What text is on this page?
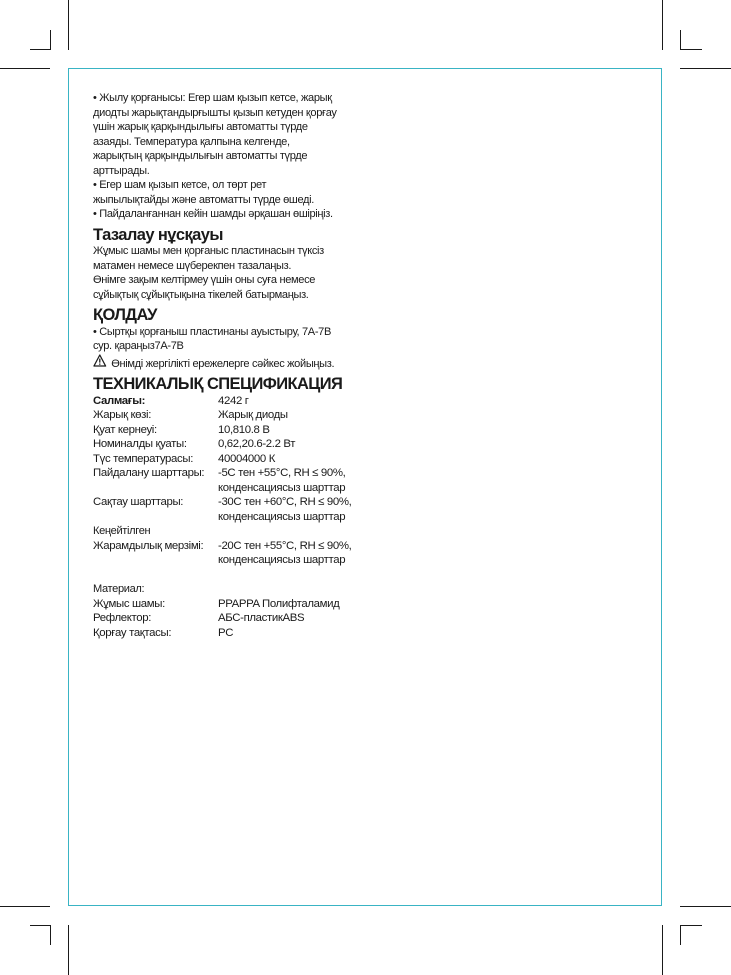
• Жылу қорғанысы: Егер шам қызып кетсе, жарық

диодты жарықтандырғышты қызып кетуден қорғау

үшін жарық қарқындылығы автоматты түрде

азаяды. Температура қалпына келгенде,

жарықтың қарқындылығын автоматты түрде

арттырады.

• Егер шам қызып кетсе, ол төрт рет

жыпылықтайды және автоматты түрде өшеді.

• Пайдаланғаннан кейін шамды әрқашан өшіріңіз.

Тазалау нұсқауы

Жұмыс шамы мен қорғаныс пластинасын түксіз

матамен немесе шүберекпен тазалаңыз.

Өнімге зақым келтірмеу үшін оны суға немесе

сұйықтық сұйықтықына тікелей батырмаңыз.

ҚОЛДАУ

• Сыртқы қорғаныш пластинаны ауыстыру, 7А-7В

сур. қараңыз7А-7В

Өнімді жергілікті ережелерге сәйкес жойыңыз.
ТЕХНИКАЛЫҚ СПЕЦИФИКАЦИЯ
Салмағы:	4242 г
Жарық көзі:	Жарық диоды
Қуат кернеуі:	10,810.8 В
Номиналды қуаты:	0,62,20.6-2.2 Вт
Түс температурасы:	40004000 К
Пайдалану шарттары:	-5С тен +55°С, RH ≤ 90%,
конденсациясыз шарттар
Сақтау шарттары:	-30С тен +60°С, RH ≤ 90%,
конденсациясыз шарттар

Кеңейтілген

Жарамдылық мерзімі:	-20С тен +55°С, RH ≤ 90%,
конденсациясыз шарттар

Материал:

Жұмыс шамы:	PPAPPA Полифталамид
Рефлектор:	АБС-пластикABS
Қорғау тақтасы:	PC
